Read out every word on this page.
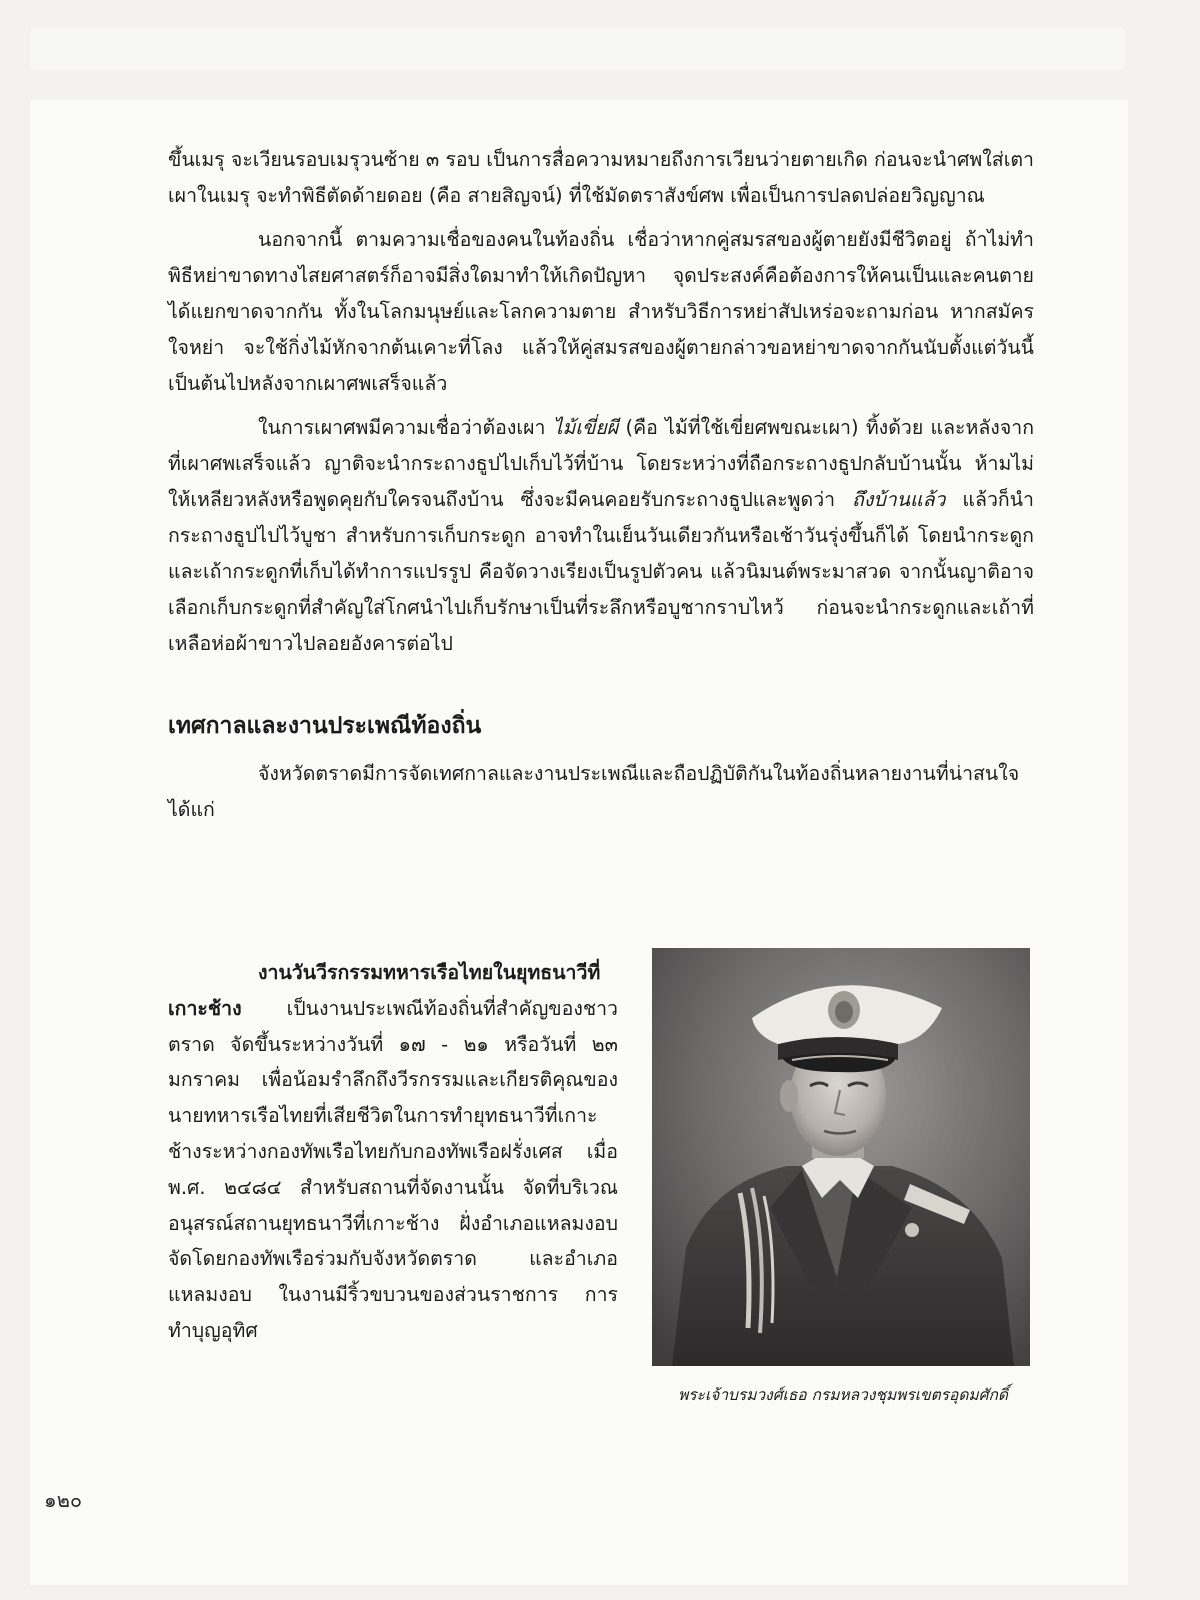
ขึ้นเมรุ จะเวียนรอบเมรุวนซ้าย ๓ รอบ เป็นการสื่อความหมายถึงการเวียนว่ายตายเกิด ก่อนจะนำศพใส่เตาเผาในเมรุ จะทำพิธีตัดด้ายดอย (คือ สายสิญจน์) ที่ใช้มัดตราสังข์ศพ เพื่อเป็นการปลดปล่อยวิญญาณ

นอกจากนี้ ตามความเชื่อของคนในท้องถิ่น เชื่อว่าหากคู่สมรสของผู้ตายยังมีชีวิตอยู่ ถ้าไม่ทำพิธีหย่าขาดทางไสยศาสตร์ก็อาจมีสิ่งใดมาทำให้เกิดปัญหา จุดประสงค์คือต้องการให้คนเป็นและคนตายได้แยกขาดจากกัน ทั้งในโลกมนุษย์และโลกความตาย สำหรับวิธีการหย่าสัปเหร่อจะถามก่อน หากสมัครใจหย่า จะใช้กิ่งไม้หักจากต้นเคาะที่โลง แล้วให้คู่สมรสของผู้ตายกล่าวขอหย่าขาดจากกันนับตั้งแต่วันนี้เป็นต้นไปหลังจากเผาศพเสร็จแล้ว

ในการเผาศพมีความเชื่อว่าต้องเผา ไม้เขี่ยผี (คือ ไม้ที่ใช้เขี่ยศพขณะเผา) ทิ้งด้วย และหลังจากที่เผาศพเสร็จแล้ว ญาติจะนำกระถางธูปไปเก็บไว้ที่บ้าน โดยระหว่างที่ถือกระถางธูปกลับบ้านนั้น ห้ามไม่ให้เหลียวหลังหรือพูดคุยกับใครจนถึงบ้าน ซึ่งจะมีคนคอยรับกระถางธูปและพูดว่า ถึงบ้านแล้ว แล้วก็นำกระถางธูปไปไว้บูชา สำหรับการเก็บกระดูก อาจทำในเย็นวันเดียวกันหรือเช้าวันรุ่งขึ้นก็ได้ โดยนำกระดูกและเถ้ากระดูกที่เก็บได้ทำการแปรรูป คือจัดวางเรียงเป็นรูปตัวคน แล้วนิมนต์พระมาสวด จากนั้นญาติอาจเลือกเก็บกระดูกที่สำคัญใส่โกศนำไปเก็บรักษาเป็นที่ระลึกหรือบูชากราบไหว้ ก่อนจะนำกระดูกและเถ้าที่เหลือห่อผ้าขาวไปลอยอังคารต่อไป

เทศกาลและงานประเพณีท้องถิ่น

จังหวัดตราดมีการจัดเทศกาลและงานประเพณีและถือปฏิบัติกันในท้องถิ่นหลายงานที่น่าสนใจได้แก่

งานวันวีรกรรมทหารเรือไทยในยุทธนาวีที่เกาะช้าง เป็นงานประเพณีท้องถิ่นที่สำคัญของชาวตราด จัดขึ้นระหว่างวันที่ ๑๗ - ๒๑ หรือวันที่ ๒๓ มกราคม เพื่อน้อมรำลึกถึงวีรกรรมและเกียรติคุณของนายทหารเรือไทยที่เสียชีวิตในการทำยุทธนาวีที่เกาะช้างระหว่างกองทัพเรือไทยกับกองทัพเรือฝรั่งเศส เมื่อ พ.ศ. ๒๔๘๔ สำหรับสถานที่จัดงานนั้น จัดที่บริเวณอนุสรณ์สถานยุทธนาวีที่เกาะช้าง ฝั่งอำเภอแหลมงอบ จัดโดยกองทัพเรือร่วมกับจังหวัดตราด และอำเภอแหลมงอบ ในงานมีริ้วขบวนของส่วนราชการ การทำบุญอุทิศ

พระเจ้าบรมวงศ์เธอ กรมหลวงชุมพรเขตรอุดมศักดิ์
๑๒๐
